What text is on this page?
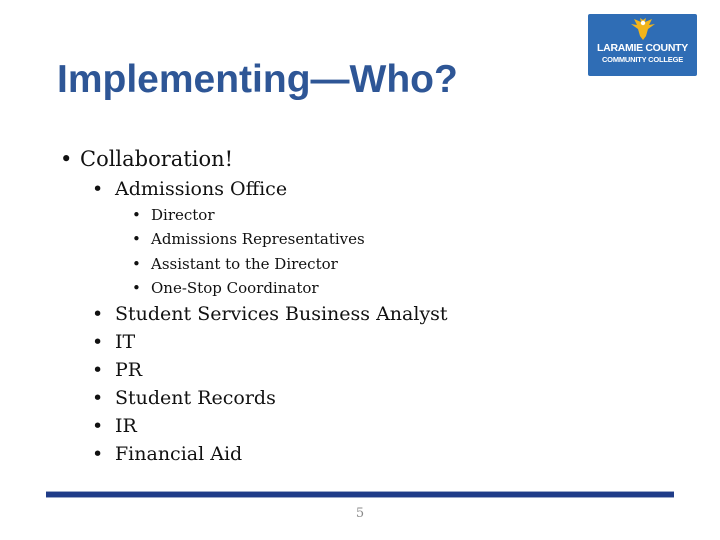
Implementing—Who?
LARAMIE COUNTY
COMMUNITY COLLEGE
• Collaboration!
• Admissions Office
• Director
• Admissions Representatives
• Assistant to the Director
• One-Stop Coordinator
• Student Services Business Analyst
• IT
• PR
• Student Records
• IR
• Financial Aid
5
